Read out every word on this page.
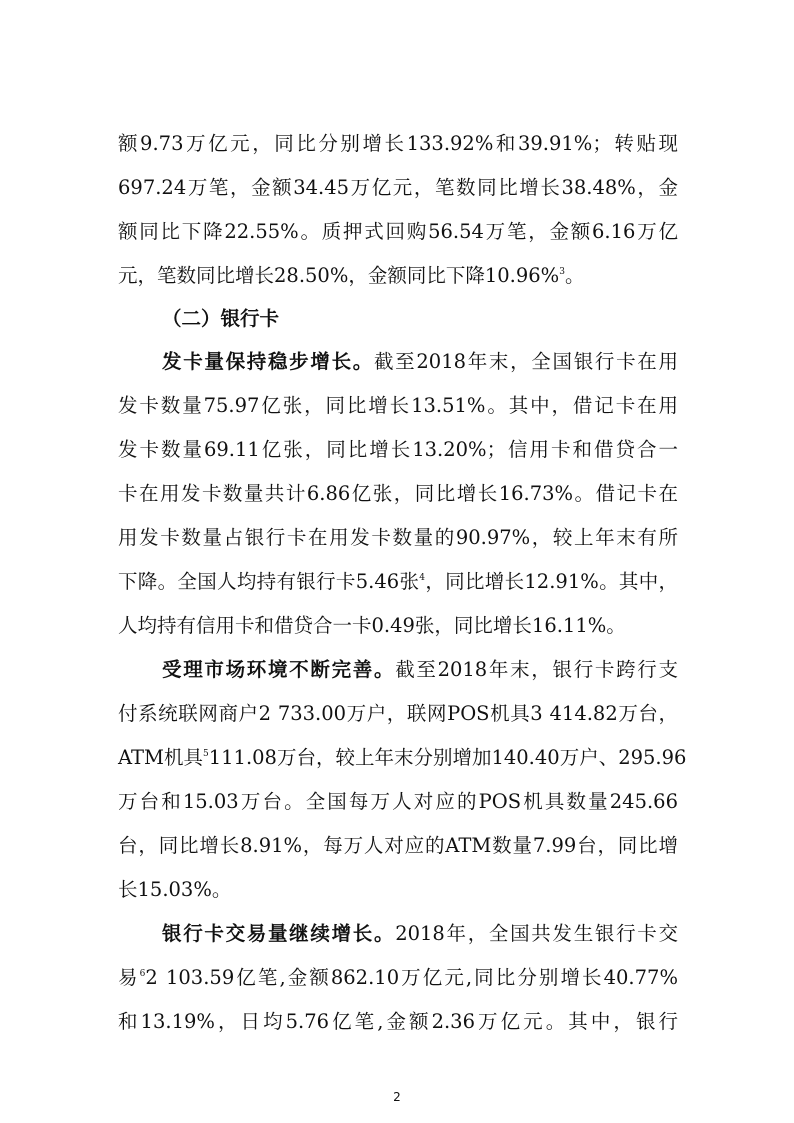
额9.73万亿元，同比分别增长133.92%和39.91%；转贴现
697.24万笔，金额34.45万亿元，笔数同比增长38.48%，金
额同比下降22.55%。质押式回购56.54万笔，金额6.16万亿
元，笔数同比增长28.50%，金额同比下降10.96%$^3$。
（二）银行卡
发卡量保持稳步增长。截至2018年末，全国银行卡在用
发卡数量75.97亿张，同比增长13.51%。其中，借记卡在用
发卡数量69.11亿张，同比增长13.20%；信用卡和借贷合一
卡在用发卡数量共计6.86亿张，同比增长16.73%。借记卡在
用发卡数量占银行卡在用发卡数量的90.97%，较上年末有所
下降。全国人均持有银行卡5.46张$^4$，同比增长12.91%。其中，
人均持有信用卡和借贷合一卡0.49张，同比增长16.11%。
受理市场环境不断完善。截至2018年末，银行卡跨行支
付系统联网商户2 733.00万户，联网POS机具3 414.82万台，
ATM机具$^5$111.08万台，较上年末分别增加140.40万户、295.96
万台和15.03万台。全国每万人对应的POS机具数量245.66
台，同比增长8.91%，每万人对应的ATM数量7.99台，同比增
长15.03%。
银行卡交易量继续增长。2018年，全国共发生银行卡交
易$^6$2 103.59亿笔,金额862.10万亿元,同比分别增长40.77%
和13.19%，日均5.76亿笔,金额2.36万亿元。其中，银行
2
